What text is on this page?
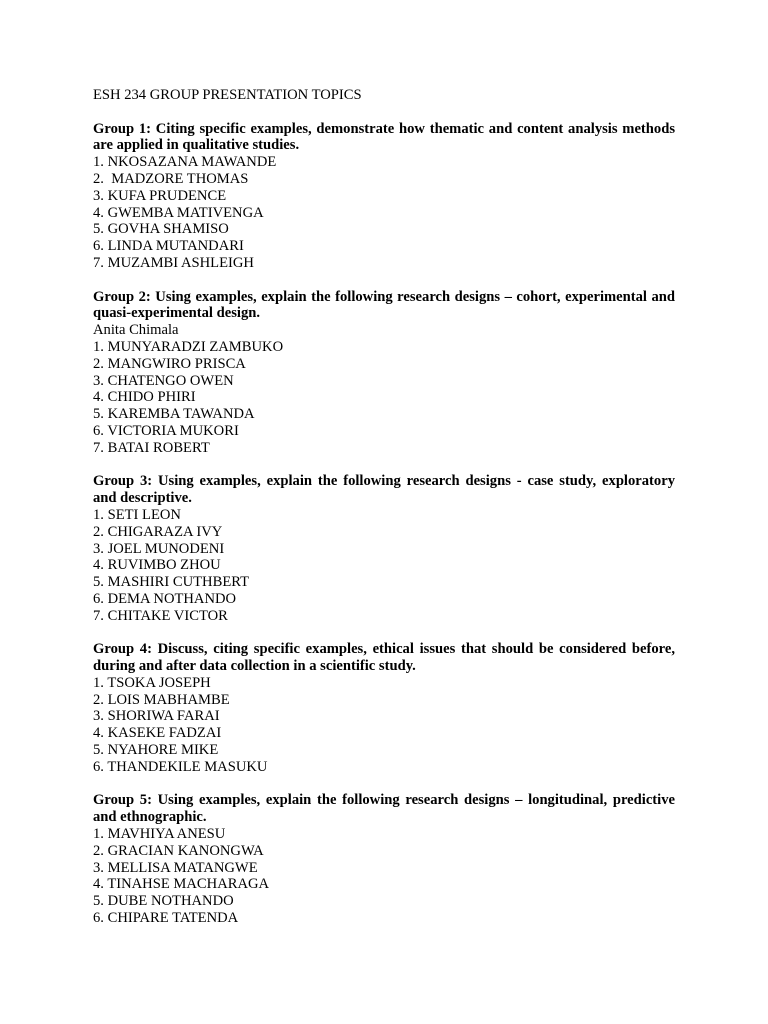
ESH 234 GROUP PRESENTATION TOPICS
Group 1: Citing specific examples, demonstrate how thematic and content analysis methods are applied in qualitative studies.
1. NKOSAZANA MAWANDE
2.  MADZORE THOMAS
3. KUFA PRUDENCE
4. GWEMBA MATIVENGA
5. GOVHA SHAMISO
6. LINDA MUTANDARI
7. MUZAMBI ASHLEIGH
Group 2: Using examples, explain the following research designs – cohort, experimental and quasi-experimental design.
Anita Chimala
1. MUNYARADZI ZAMBUKO
2. MANGWIRO PRISCA
3. CHATENGO OWEN
4. CHIDO PHIRI
5. KAREMBA TAWANDA
6. VICTORIA MUKORI
7. BATAI ROBERT
Group 3: Using examples, explain the following research designs - case study, exploratory and descriptive.
1. SETI LEON
2. CHIGARAZA IVY
3. JOEL MUNODENI
4. RUVIMBO ZHOU
5. MASHIRI CUTHBERT
6. DEMA NOTHANDO
7. CHITAKE VICTOR
Group 4: Discuss, citing specific examples, ethical issues that should be considered before, during and after data collection in a scientific study.
1. TSOKA JOSEPH
2. LOIS MABHAMBE
3. SHORIWA FARAI
4. KASEKE FADZAI
5. NYAHORE MIKE
6. THANDEKILE MASUKU
Group 5: Using examples, explain the following research designs – longitudinal, predictive and ethnographic.
1. MAVHIYA ANESU
2. GRACIAN KANONGWA
3. MELLISA MATANGWE
4. TINAHSE MACHARAGA
5. DUBE NOTHANDO
6. CHIPARE TATENDA
